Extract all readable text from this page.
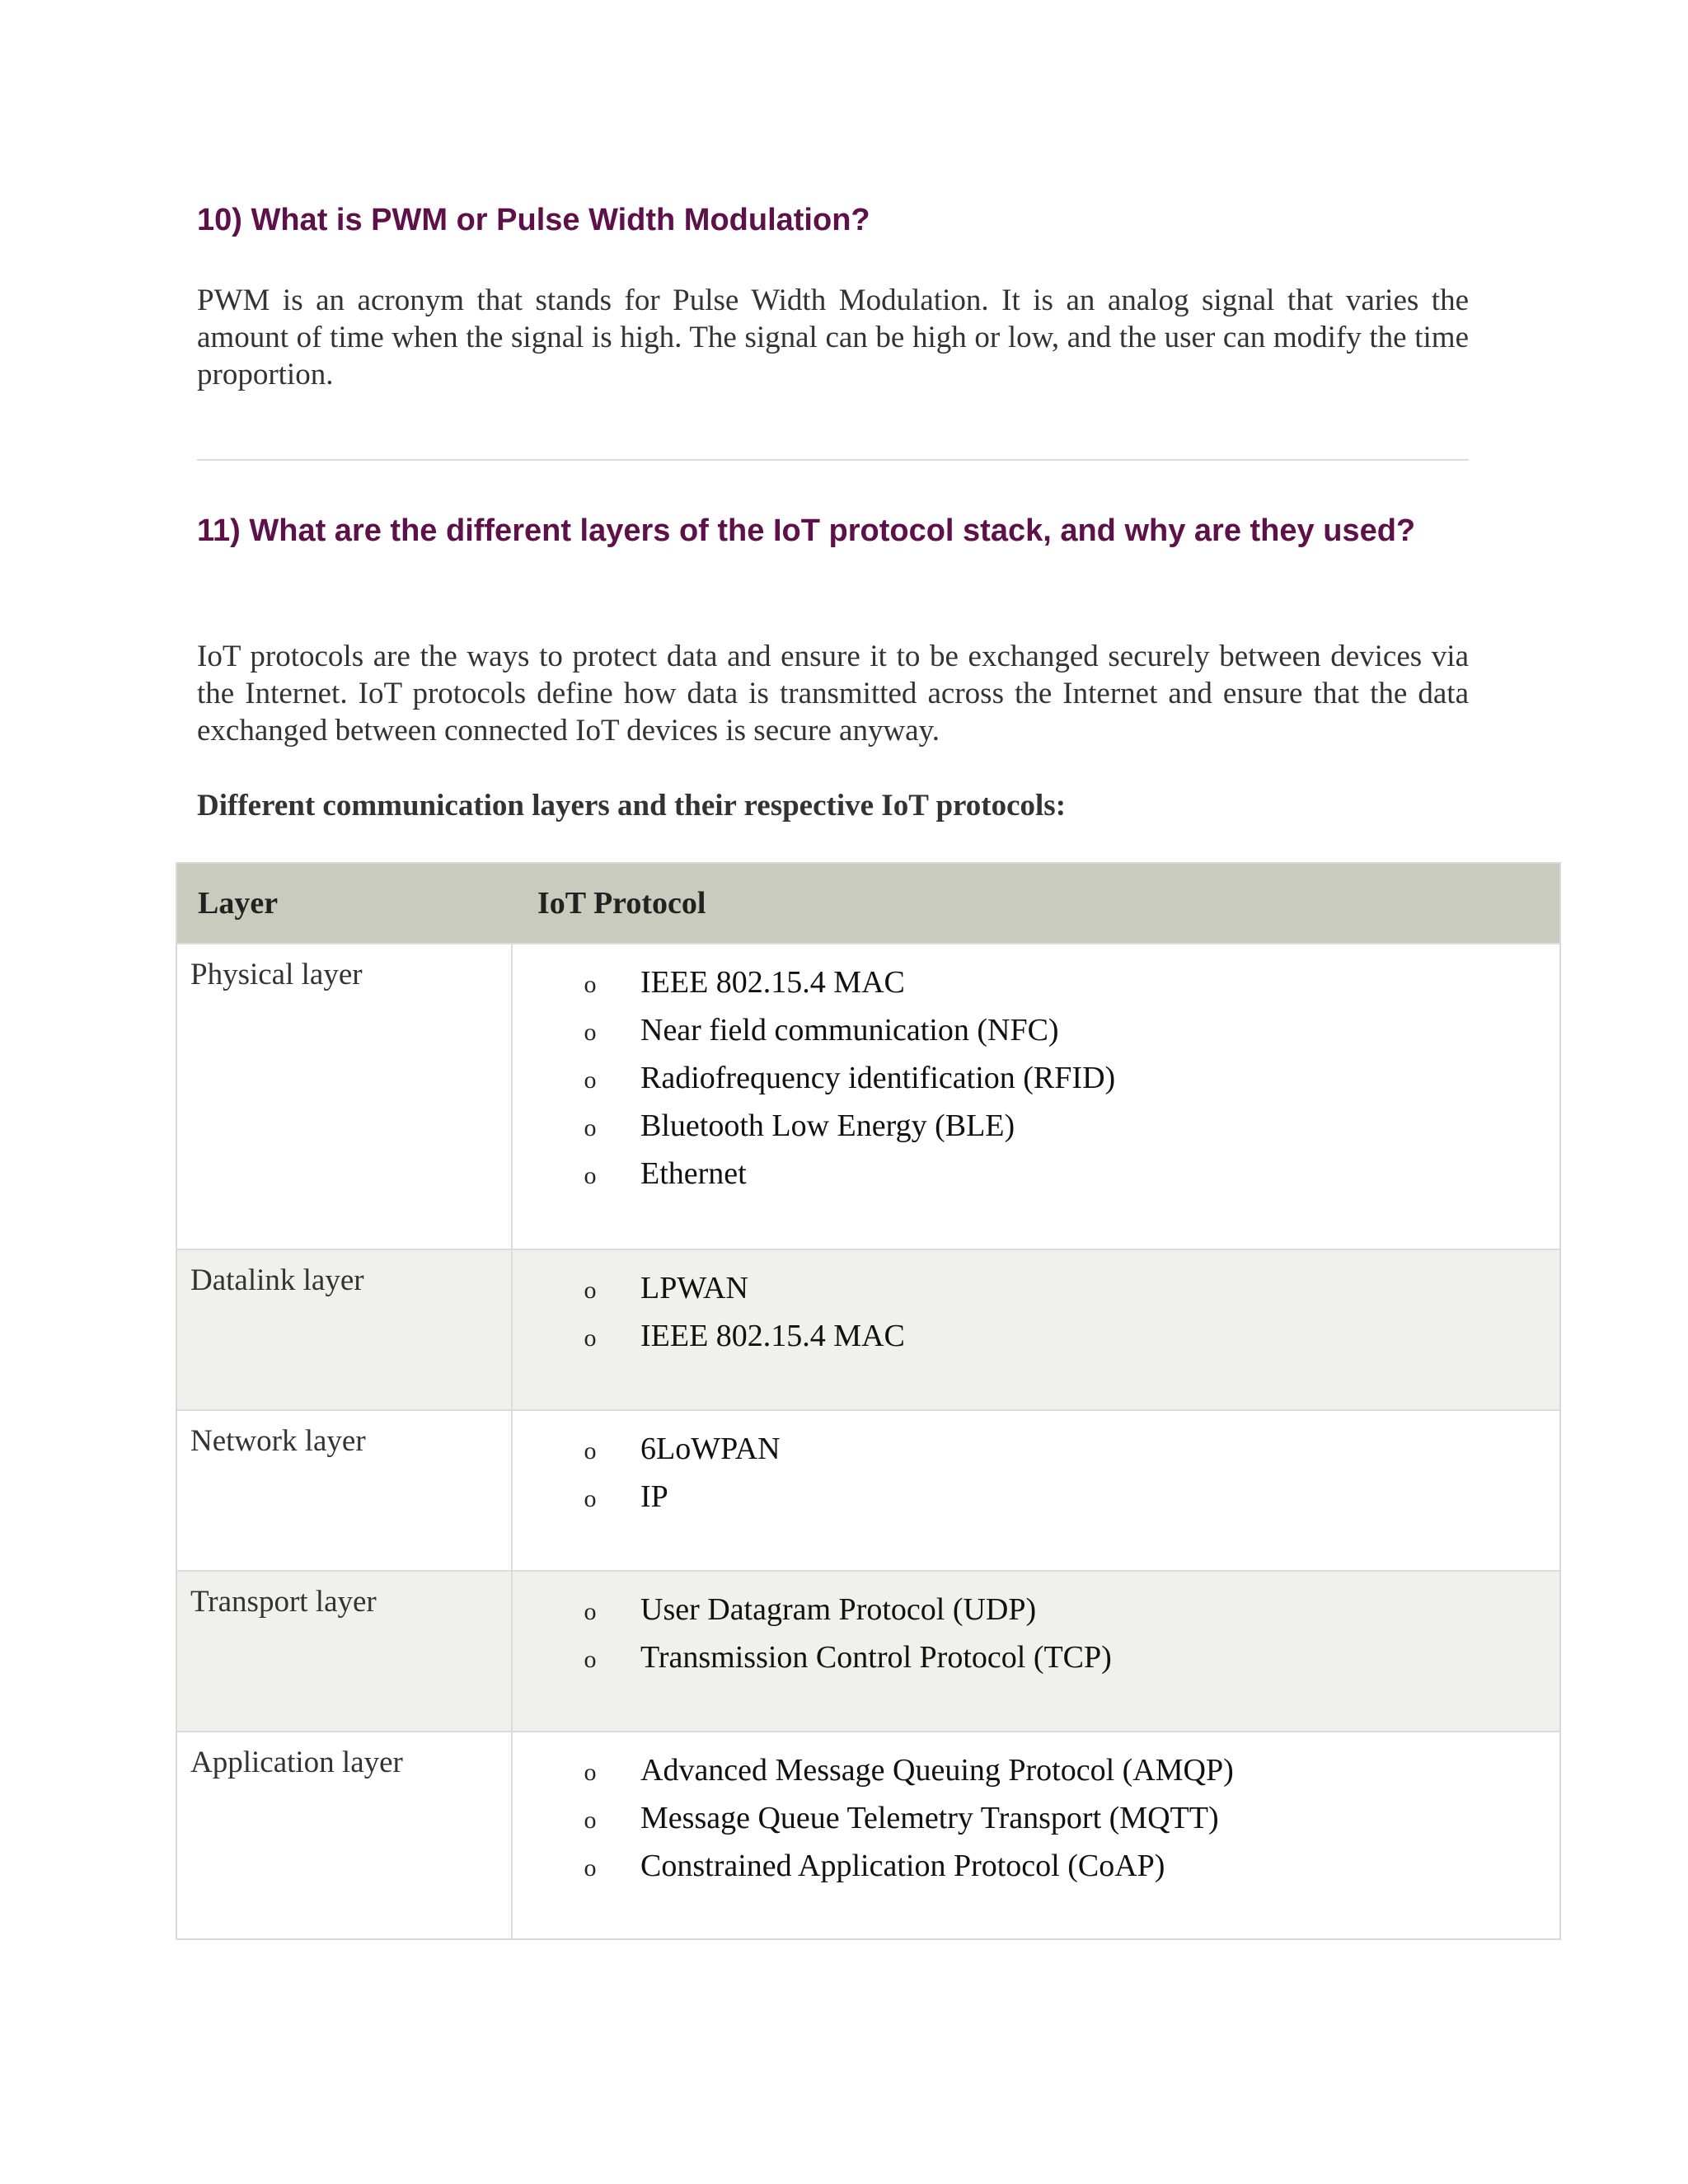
10) What is PWM or Pulse Width Modulation?

PWM is an acronym that stands for Pulse Width Modulation. It is an analog signal that varies the amount of time when the signal is high. The signal can be high or low, and the user can modify the time proportion.

11) What are the different layers of the IoT protocol stack, and why are they used?

IoT protocols are the ways to protect data and ensure it to be exchanged securely between devices via the Internet. IoT protocols define how data is transmitted across the Internet and ensure that the data exchanged between connected IoT devices is secure anyway.

Different communication layers and their respective IoT protocols:

Layer	IoT Protocol
Physical layer	o IEEE 802.15.4 MAC
o Near field communication (NFC)
o Radiofrequency identification (RFID)
o Bluetooth Low Energy (BLE)
o Ethernet
Datalink layer	o LPWAN
o IEEE 802.15.4 MAC
Network layer	o 6LoWPAN
o IP
Transport layer	o User Datagram Protocol (UDP)
o Transmission Control Protocol (TCP)
Application layer	o Advanced Message Queuing Protocol (AMQP)
o Message Queue Telemetry Transport (MQTT)
o Constrained Application Protocol (CoAP)
